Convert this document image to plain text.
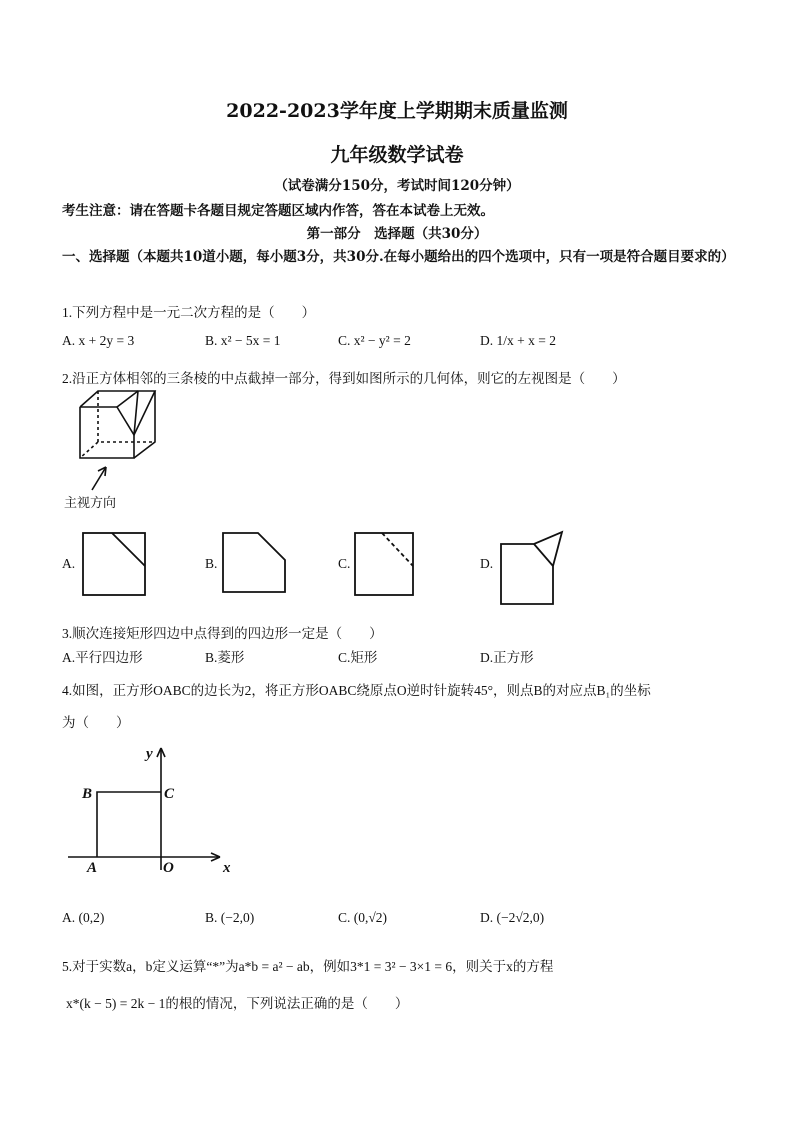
2022-2023学年度上学期期末质量监测
九年级数学试卷
（试卷满分150分，考试时间120分钟）
考生注意：请在答题卡各题目规定答题区域内作答，答在本试卷上无效。
第一部分　选择题（共30分）
一、选择题（本题共10道小题，每小题3分，共30分.在每小题给出的四个选项中，只有一项是符合题目要求的）
1.下列方程中是一元二次方程的是（　　）
A. x + 2y = 3	B. x² − 5x = 1	C. x² − y² = 2	D. 1/x + x = 2
2.沿正方体相邻的三条棱的中点截掉一部分，得到如图所示的几何体，则它的左视图是（　　）
主视方向
A.	B.	C.	D.
3.顺次连接矩形四边中点得到的四边形一定是（　　）
A.平行四边形	B.菱形	C.矩形	D.正方形
4.如图，正方形OABC的边长为2，将正方形OABC绕原点O逆时针旋转45°，则点B的对应点B₁的坐标
为（　　）
y
x
B	C
A	O
A. (0,2)	B. (−2,0)	C. (0,√2)	D. (−2√2,0)
5.对于实数a，b定义运算“*”为a*b = a² − ab，例如3*1 = 3² − 3×1 = 6，则关于x的方程
x*(k − 5) = 2k − 1的根的情况，下列说法正确的是（　　）
